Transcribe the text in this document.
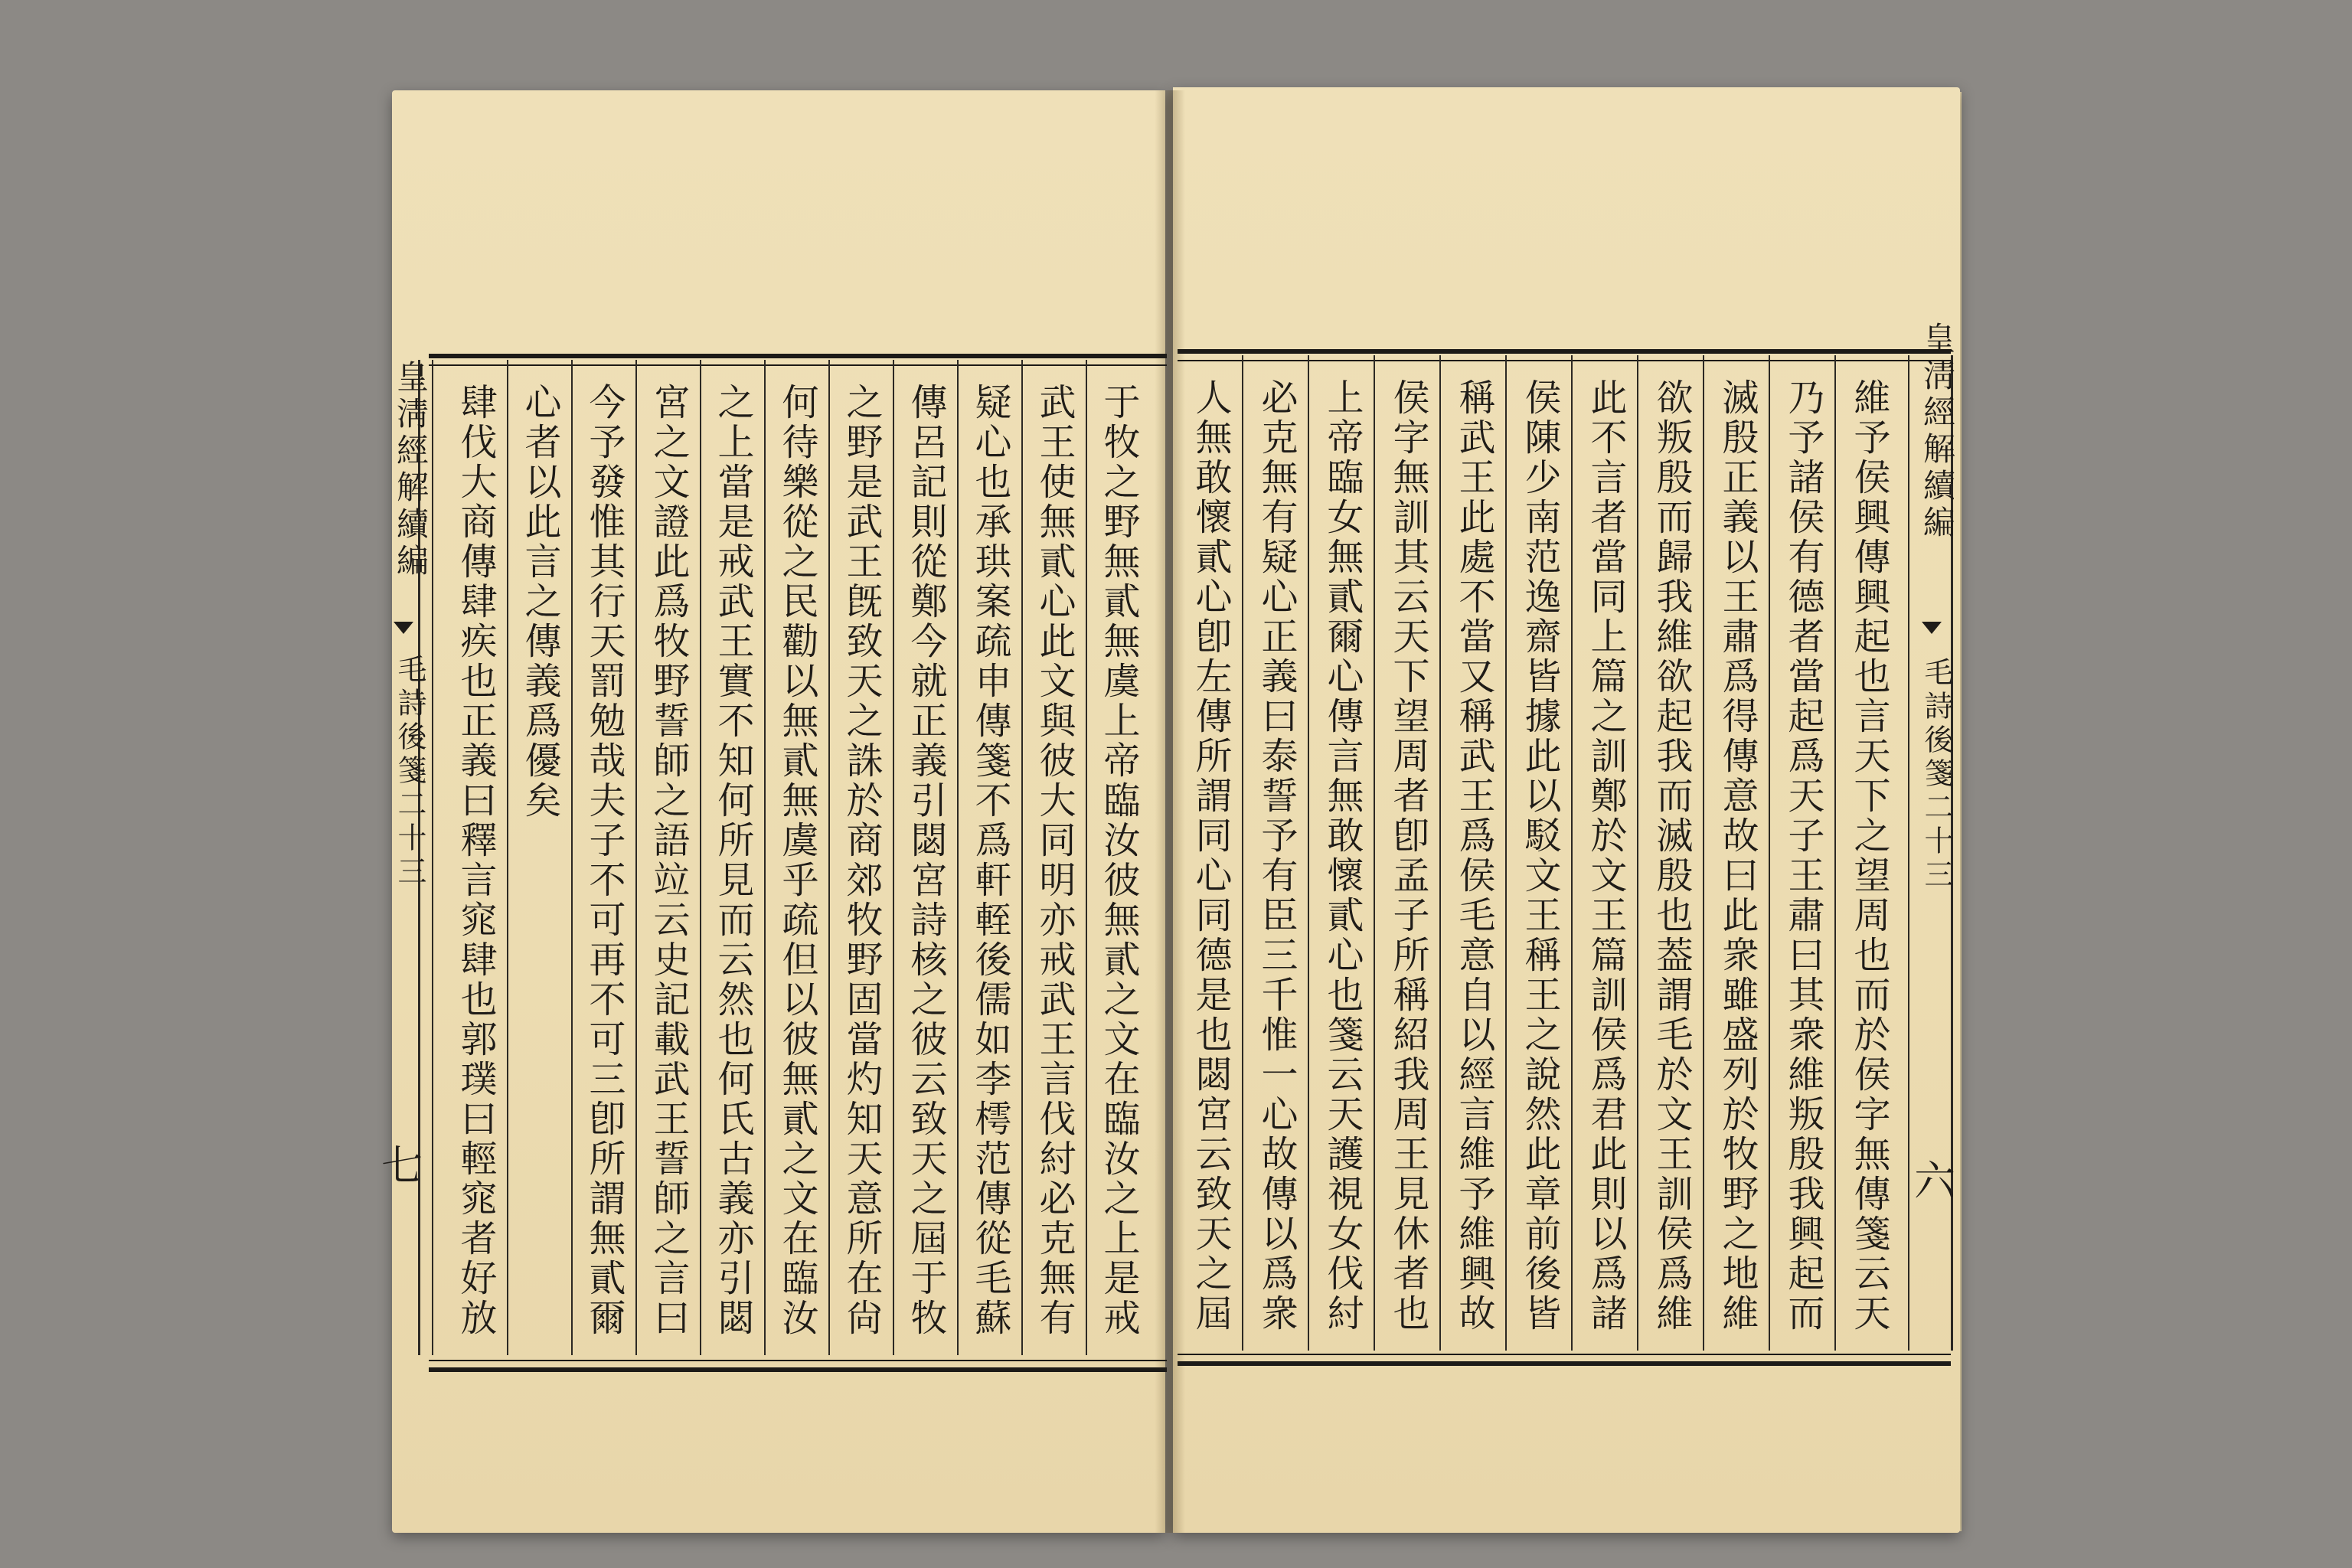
皇淸經解續編
毛詩後箋二十三
七
皇淸經解續編
毛詩後箋二十三
六
于牧之野無貳無虞上帝臨汝彼無貳之文在臨汝之上是戒
武王使無貳心此文與彼大同明亦戒武王言伐紂必克無有
疑心也承珙案疏申傳箋不爲軒輊後儒如李樗范傳從毛蘇
傳呂記則從鄭今就正義引閟宮詩核之彼云致天之屆于牧
之野是武王旣致天之誅於商郊牧野固當灼知天意所在尙
何待樂從之民勸以無貳無虞乎疏但以彼無貳之文在臨汝
之上當是戒武王實不知何所見而云然也何氏古義亦引閟
宮之文證此爲牧野誓師之語竝云史記載武王誓師之言曰
今予發惟其行天罰勉哉夫子不可再不可三卽所謂無貳爾
心者以此言之傳義爲優矣
肆伐大商傳肆疾也正義曰釋言窕肆也郭璞曰輕窕者好放	維予侯興傳興起也言天下之望周也而於侯字無傳箋云天
乃予諸侯有德者當起爲天子王肅曰其衆維叛殷我興起而
滅殷正義以王肅爲得傳意故曰此衆雖盛列於牧野之地維
欲叛殷而歸我維欲起我而滅殷也葢謂毛於文王訓侯爲維
此不言者當同上篇之訓鄭於文王篇訓侯爲君此則以爲諸
侯陳少南范逸齋皆據此以駁文王稱王之說然此章前後皆
稱武王此處不當又稱武王爲侯毛意自以經言維予維興故
侯字無訓其云天下望周者卽孟子所稱紹我周王見休者也
上帝臨女無貳爾心傳言無敢懷貳心也箋云天護視女伐紂
必克無有疑心正義曰泰誓予有臣三千惟一心故傳以爲衆
人無敢懷貳心卽左傳所謂同心同德是也閟宮云致天之屆
